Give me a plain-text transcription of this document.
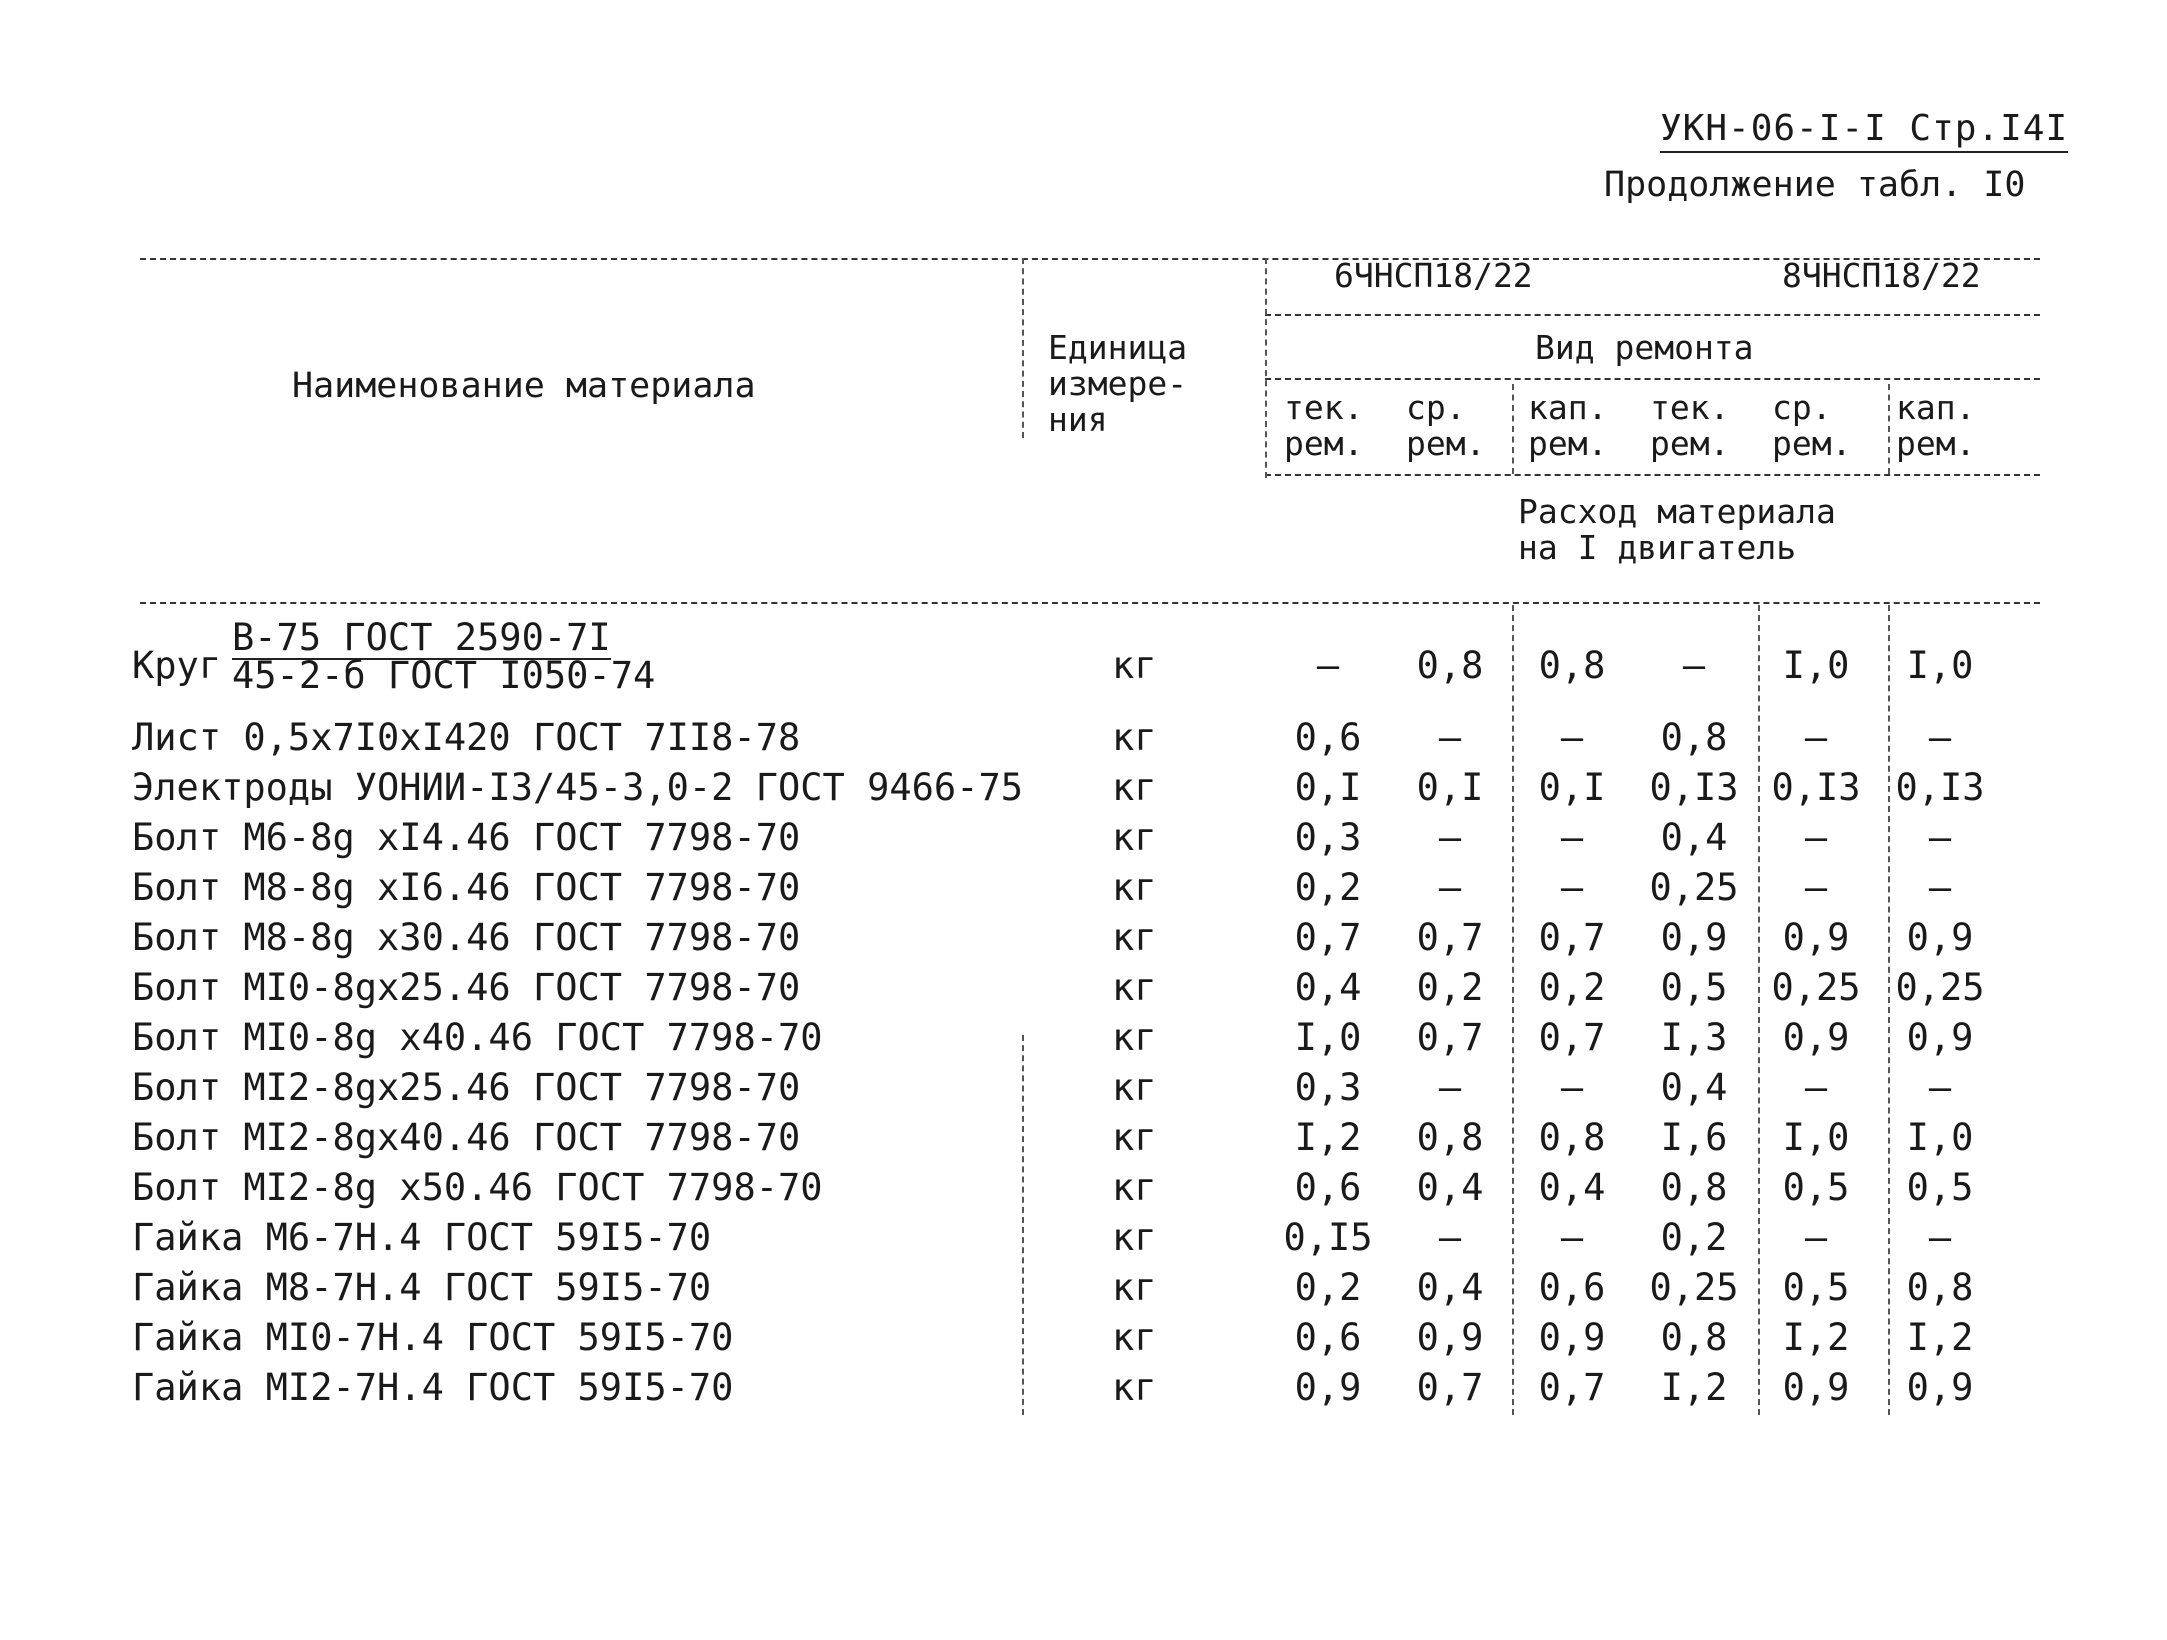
УКН-06-I-I Стр.I4I
Продолжение табл. I0
Наименование материала
Единица
измере-
ния
6ЧНСП18/22	8ЧНСП18/22
Вид ремонта
тек.
рем.
ср.
рем.
кап.
рем.
тек.
рем.
ср.
рем.
кап.
рем.
Расход материала
на I двигатель
Круг
В-75 ГОСТ 2590-7I
45-2-б ГОСТ I050-74	кг	–	0,8	0,8	–	I,0	I,0
Лист 0,5х7I0хI420 ГОСТ 7II8-78	кг	0,6	–	–	0,8	–	–
Электроды УОНИИ-I3/45-3,0-2 ГОСТ 9466-75 кг	0,I	0,I	0,I	0,I3 0,I3 0,I3
Болт М6-8g хI4.46 ГОСТ 7798-70	кг	0,3	–	–	0,4	–	–
Болт М8-8g хI6.46 ГОСТ 7798-70	кг	0,2	–	–	0,25	–	–
Болт М8-8g х30.46 ГОСТ 7798-70	кг	0,7	0,7	0,7	0,9	0,9	0,9
Болт МI0-8gх25.46 ГОСТ 7798-70	кг	0,4	0,2	0,2	0,5	0,25 0,25
Болт МI0-8g х40.46 ГОСТ 7798-70	кг	I,0	0,7	0,7	I,3	0,9	0,9
Болт МI2-8gх25.46 ГОСТ 7798-70	кг	0,3	–	–	0,4	–	–
Болт МI2-8gх40.46 ГОСТ 7798-70	кг	I,2	0,8	0,8	I,6	I,0	I,0
Болт МI2-8g х50.46 ГОСТ 7798-70	кг	0,6	0,4	0,4	0,8	0,5	0,5
Гайка М6-7Н.4 ГОСТ 59I5-70	кг	0,I5	–	–	0,2	–	–
Гайка М8-7Н.4 ГОСТ 59I5-70	кг	0,2	0,4	0,6	0,25	0,5	0,8
Гайка МI0-7Н.4 ГОСТ 59I5-70	кг	0,6	0,9	0,9	0,8	I,2	I,2
Гайка МI2-7Н.4 ГОСТ 59I5-70	кг	0,9	0,7	0,7	I,2	0,9	0,9
